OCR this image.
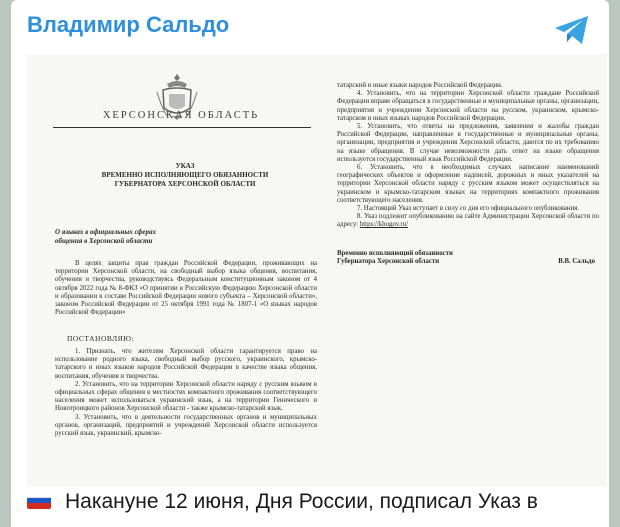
Владимир Сальдо
ХЕРСОНСКАЯ ОБЛАСТЬ
УКАЗ
ВРЕМЕННО ИСПОЛНЯЮЩЕГО ОБЯЗАННОСТИ
ГУБЕРНАТОРА ХЕРСОНСКОЙ ОБЛАСТИ
О языках в официальных сферах
общения в Херсонской области

В целях защиты прав граждан Российской Федерации, проживающих на территории Херсонской области, на свободный выбор языка общения, воспитания, обучения и творчества, руководствуясь Федеральным конституционным законом от 4 октября 2022 года № 8-ФКЗ «О принятии в Российскую Федерацию Херсонской области и образовании в составе Российской Федерации нового субъекта – Херсонской области», законом Российской Федерации от 25 октября 1991 года № 1807-1 «О языках народов Российской Федерации»

ПОСТАНОВЛЯЮ:

1. Признать, что жителям Херсонской области гарантируется право на использование родного языка, свободный выбор русского, украинского, крымско-татарского и иных языков народов Российской Федерации в качестве языка общения, воспитания, обучения и творчества.

2. Установить, что на территории Херсонской области наряду с русским языком в официальных сферах общения в местностях компактного проживания соответствующего населения может использоваться украинский язык, а на территории Генического и Новотроицкого районов Херсонской области - также крымско-татарский язык.

3. Установить, что в деятельности государственных органов и муниципальных органов, организаций, предприятий и учреждений Херсонской области используется русский язык, украинский, крымско-

татарский и иные языки народов Российской Федерации.

4. Установить, что на территории Херсонской области граждане Российской Федерации вправе обращаться в государственные и муниципальные органы, организации, предприятия и учреждения Херсонской области на русском, украинском, крымско-татарском и иных языках народов Российской Федерации.

5. Установить, что ответы на предложения, заявления и жалобы граждан Российской Федерации, направленные в государственные и муниципальные органы, организации, предприятия и учреждения Херсонской области, даются по их требованию на языке обращения. В случае невозможности дать ответ на языке обращения используется государственный язык Российской Федерации.

6. Установить, что в необходимых случаях написание наименований географических объектов и оформление надписей, дорожных и иных указателей на территории Херсонской области наряду с русским языком может осуществляться на украинском и крымско-татарском языках на территориях компактного проживания соответствующего населения.

7. Настоящий Указ вступает в силу со дня его официального опубликования.

8. Указ подлежит опубликованию на сайте Администрации Херсонской области по адресу: https://khogov.ru/

Временно исполняющий обязанности
Губернатора Херсонской области	В.В. Сальдо
Накануне 12 июня, Дня России, подписал Указ в
